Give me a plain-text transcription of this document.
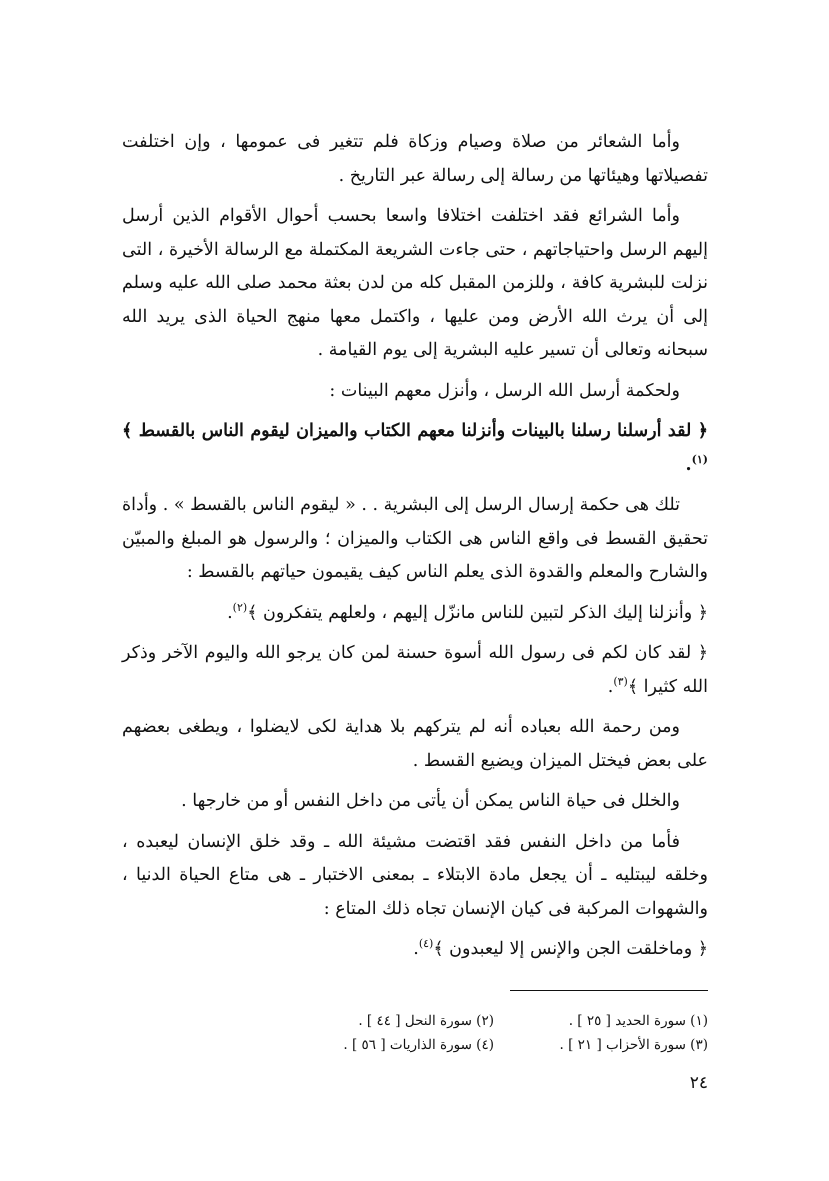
وأما الشعائر من صلاة وصيام وزكاة فلم تتغير فى عمومها ، وإن اختلفت تفصيلاتها وهيئاتها من رسالة إلى رسالة عبر التاريخ .

وأما الشرائع فقد اختلفت اختلافا واسعا بحسب أحوال الأقوام الذين أرسل إليهم الرسل واحتياجاتهم ، حتى جاءت الشريعة المكتملة مع الرسالة الأخيرة ، التى نزلت للبشرية كافة ، وللزمن المقبل كله من لدن بعثة محمد صلى الله عليه وسلم إلى أن يرث الله الأرض ومن عليها ، واكتمل معها منهج الحياة الذى يريد الله سبحانه وتعالى أن تسير عليه البشرية إلى يوم القيامة .

ولحكمة أرسل الله الرسل ، وأنزل معهم البينات :

﴿ لقد أرسلنا رسلنا بالبينات وأنزلنا معهم الكتاب والميزان ليقوم الناس بالقسط ﴾$^{(١)}$.

تلك هى حكمة إرسال الرسل إلى البشرية . . « ليقوم الناس بالقسط » . وأداة تحقيق القسط فى واقع الناس هى الكتاب والميزان ؛ والرسول هو المبلغ والمبيّن والشارح والمعلم والقدوة الذى يعلم الناس كيف يقيمون حياتهم بالقسط :

﴿ وأنزلنا إليك الذكر لتبين للناس مانزّل إليهم ، ولعلهم يتفكرون ﴾$^{(٢)}$.

﴿ لقد كان لكم فى رسول الله أسوة حسنة لمن كان يرجو الله واليوم الآخر وذكر الله كثيرا ﴾$^{(٣)}$.

ومن رحمة الله بعباده أنه لم يتركهم بلا هداية لكى لايضلوا ، ويطغى بعضهم على بعض فيختل الميزان ويضيع القسط .

والخلل فى حياة الناس يمكن أن يأتى من داخل النفس أو من خارجها .

فأما من داخل النفس فقد اقتضت مشيئة الله ـ وقد خلق الإنسان ليعبده ، وخلقه ليبتليه ـ أن يجعل مادة الابتلاء ـ بمعنى الاختبار ـ هى متاع الحياة الدنيا ، والشهوات المركبة فى كيان الإنسان تجاه ذلك المتاع :

﴿ وماخلقت الجن والإنس إلا ليعبدون ﴾$^{(٤)}$.

(١) سورة الحديد [ ٢٥ ] .
(٢) سورة النحل [ ٤٤ ] .
(٣) سورة الأحزاب [ ٢١ ] .
(٤) سورة الذاريات [ ٥٦ ] .
٢٤
